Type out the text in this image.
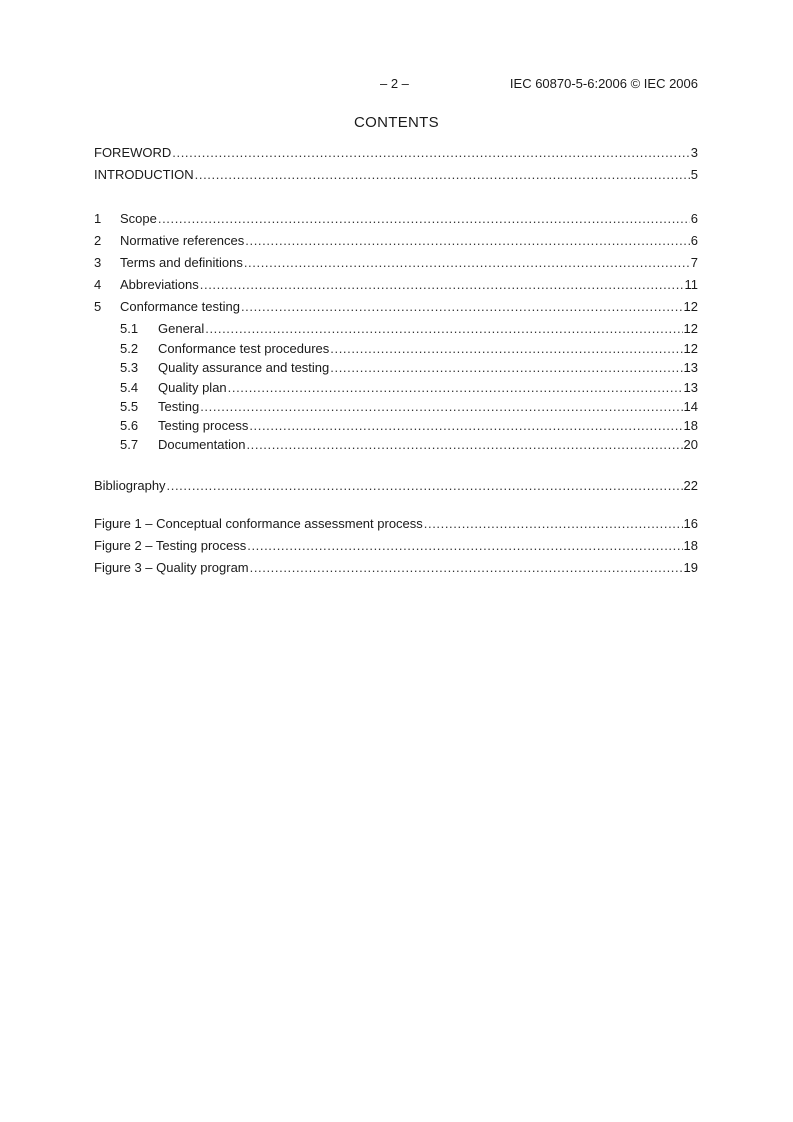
– 2 –	IEC 60870-5-6:2006 © IEC 2006
CONTENTS
FOREWORD .....	3
INTRODUCTION .....	5
1	Scope .....	6
2	Normative references .....	6
3	Terms and definitions .....	7
4	Abbreviations .....	11
5	Conformance testing .....	12
5.1	General .....	12
5.2	Conformance test procedures .....	12
5.3	Quality assurance and testing .....	13
5.4	Quality plan .....	13
5.5	Testing .....	14
5.6	Testing process .....	18
5.7	Documentation .....	20
Bibliography .....	22
Figure 1 – Conceptual conformance assessment process .....	16
Figure 2 – Testing process .....	18
Figure 3 – Quality program .....	19
